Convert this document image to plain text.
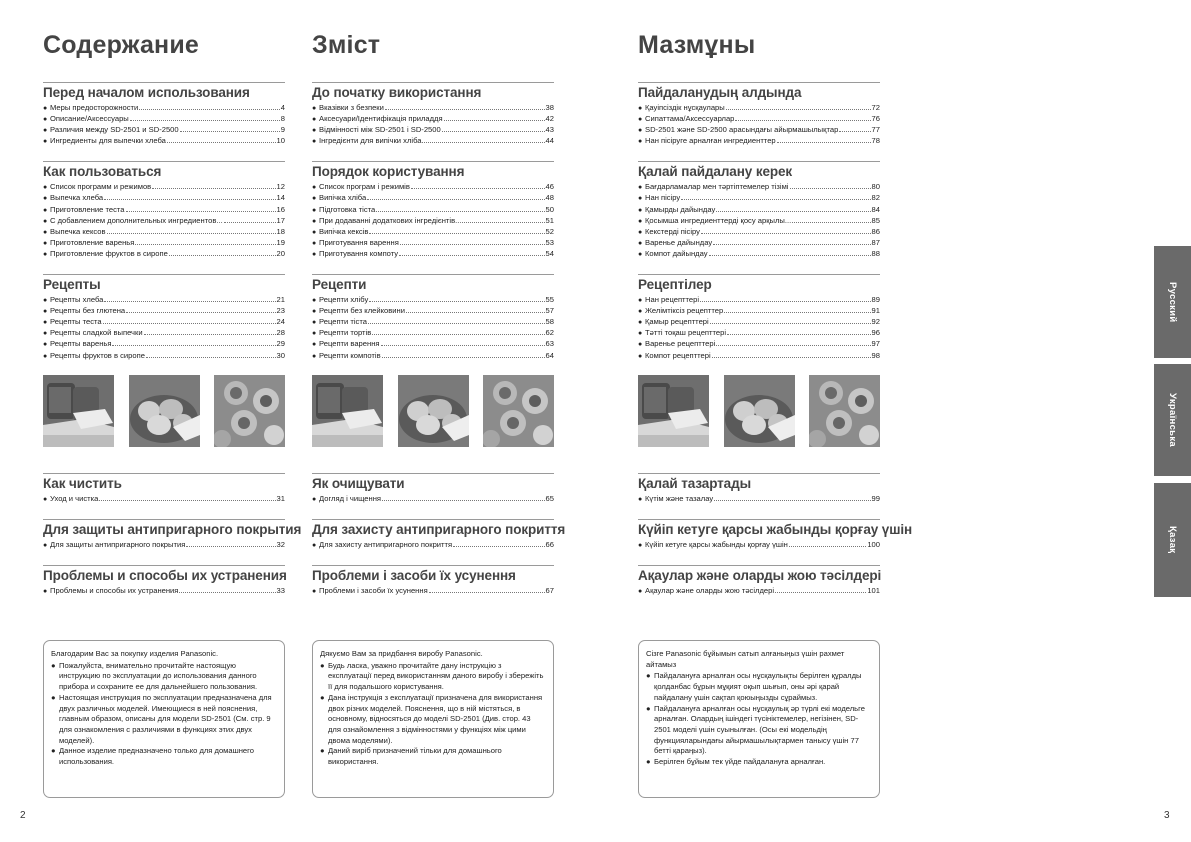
Содержание
Перед началом использования
● Меры предосторожности	4
● Описание/Аксессуары	8
● Различия между SD-2501 и SD-2500	9
● Ингредиенты для выпечки хлеба	10
Как пользоваться
● Список программ и режимов	12
● Выпечка хлеба	14
● Приготовление теста	16
● С добавлением дополнительных ингредиентов...	17
● Выпечка кексов	18
● Приготовление варенья	19
● Приготовление фруктов в сиропе	20
Рецепты
● Рецепты хлеба	21
● Рецепты без глютена	23
● Рецепты теста	24
● Рецепты сладкой выпечки	28
● Рецепты варенья	29
● Рецепты фруктов в сиропе	30
Как чистить
● Уход и чистка	31
Для защиты антипригарного покрытия
● Для защиты антипригарного покрытия	32
Проблемы и способы их устранения
● Проблемы и способы их устранения	33
Зміст
До початку використання
● Вказівки з безпеки	38
● Аксесуари/Ідентифікація приладдя	42
● Відмінності між SD-2501 і SD-2500	43
● Інгредієнти для випічки хліба	44
Порядок користування
● Список програм і режимів	46
● Випічка хліба	48
● Підготовка тіста	50
● При додаванні додаткових інгредієнтів...	51
● Випічка кексів	52
● Приготування варення	53
● Приготування компоту	54
Рецепти
● Рецепти хлібу	55
● Рецепти без клейковини	57
● Рецепти тіста	58
● Рецепти тортів	62
● Рецепти варення	63
● Рецепти компотів	64
Як очищувати
● Догляд і чищення	65
Для захисту антипригарного покриття
● Для захисту антипригарного покриття	66
Проблеми і засоби їх усунення
● Проблеми і засоби їх усунення	67
Мазмұны
Пайдаланудың алдында
● Қауіпсіздік нұсқаулары	72
● Сипаттама/Аксессуарлар	76
● SD-2501 және SD-2500 арасындағы айырмашылықтар	77
● Нан пісіруге арналған ингредиенттер	78
Қалай пайдалану керек
● Бағдарламалар мен тәртіптемелер тізімі	80
● Нан пісіру	82
● Қамырды дайындау	84
● Қосымша ингредиенттерді қосу арқылы...	85
● Кекстерді пісіру	86
● Вареньe дайындау	87
● Компот дайындау	88
Рецептілер
● Нан рецепттері	89
● Желімтіксіз рецепттер	91
● Қамыр рецепттері	92
● Тәтті тоқаш рецепттері	96
● Варенье рецепттері	97
● Компот рецепттері	98
Қалай тазартады
● Күтім және тазалау	99
Күйіп кетуге қарсы жабынды қорғау үшін
● Күйіп кетуге қарсы жабынды қорғау үшін	100
Ақаулар және оларды жою тәсілдері
● Ақаулар және оларды жою тәсілдері	101
Благодарим Вас за покупку изделия Panasonic.
● Пожалуйста, внимательно прочитайте настоящую инструкцию по эксплуатации до использования данного прибора и сохраните ее для дальнейшего пользования.
● Настоящая инструкция по эксплуатации предназначена для двух различных моделей. Имеющиеся в ней пояснения, главным образом, описаны для модели SD-2501 (См. стр. 9 для ознакомления с различиями в функциях этих двух моделей).
● Данное изделие предназначено только для домашнего использования.
Дякуємо Вам за придбання виробу Panasonic.
● Будь ласка, уважно прочитайте дану інструкцію з експлуатації перед використанням даного виробу і збережіть її для подальшого користування.
● Дана інструкція з експлуатації призначена для використання двох різних моделей. Пояснення, що в ній містяться, в основному, відносяться до моделі SD-2501 (Див. стор. 43 для ознайомлення з відмінностями у функціях між цими двома моделями).
● Даний виріб призначений тільки для домашнього використання.
Сізге Panasonic бұйымын сатып алғаныңыз үшін рахмет айтамыз
● Пайдалануға арналған осы нұсқаулықты берілген құралды қолданбас бұрын мұқият оқып шығып, оны әрі қарай пайдалану үшін сақтап қоюыңызды сұраймыз.
● Пайдалануға арналған осы нұсқаулық әр түрлі екі модельге арналған. Олардың ішіндегі түсініктемелер, негізінен, SD-2501 моделі үшін суынылған. (Осы екі модельдің функцияларындағы айырмашылықтармен танысу үшін 77 бетті қараңыз).
● Берілген бұйым тек үйде пайдалануға арналған.
2	3
Русский
Українська
Қазақ
